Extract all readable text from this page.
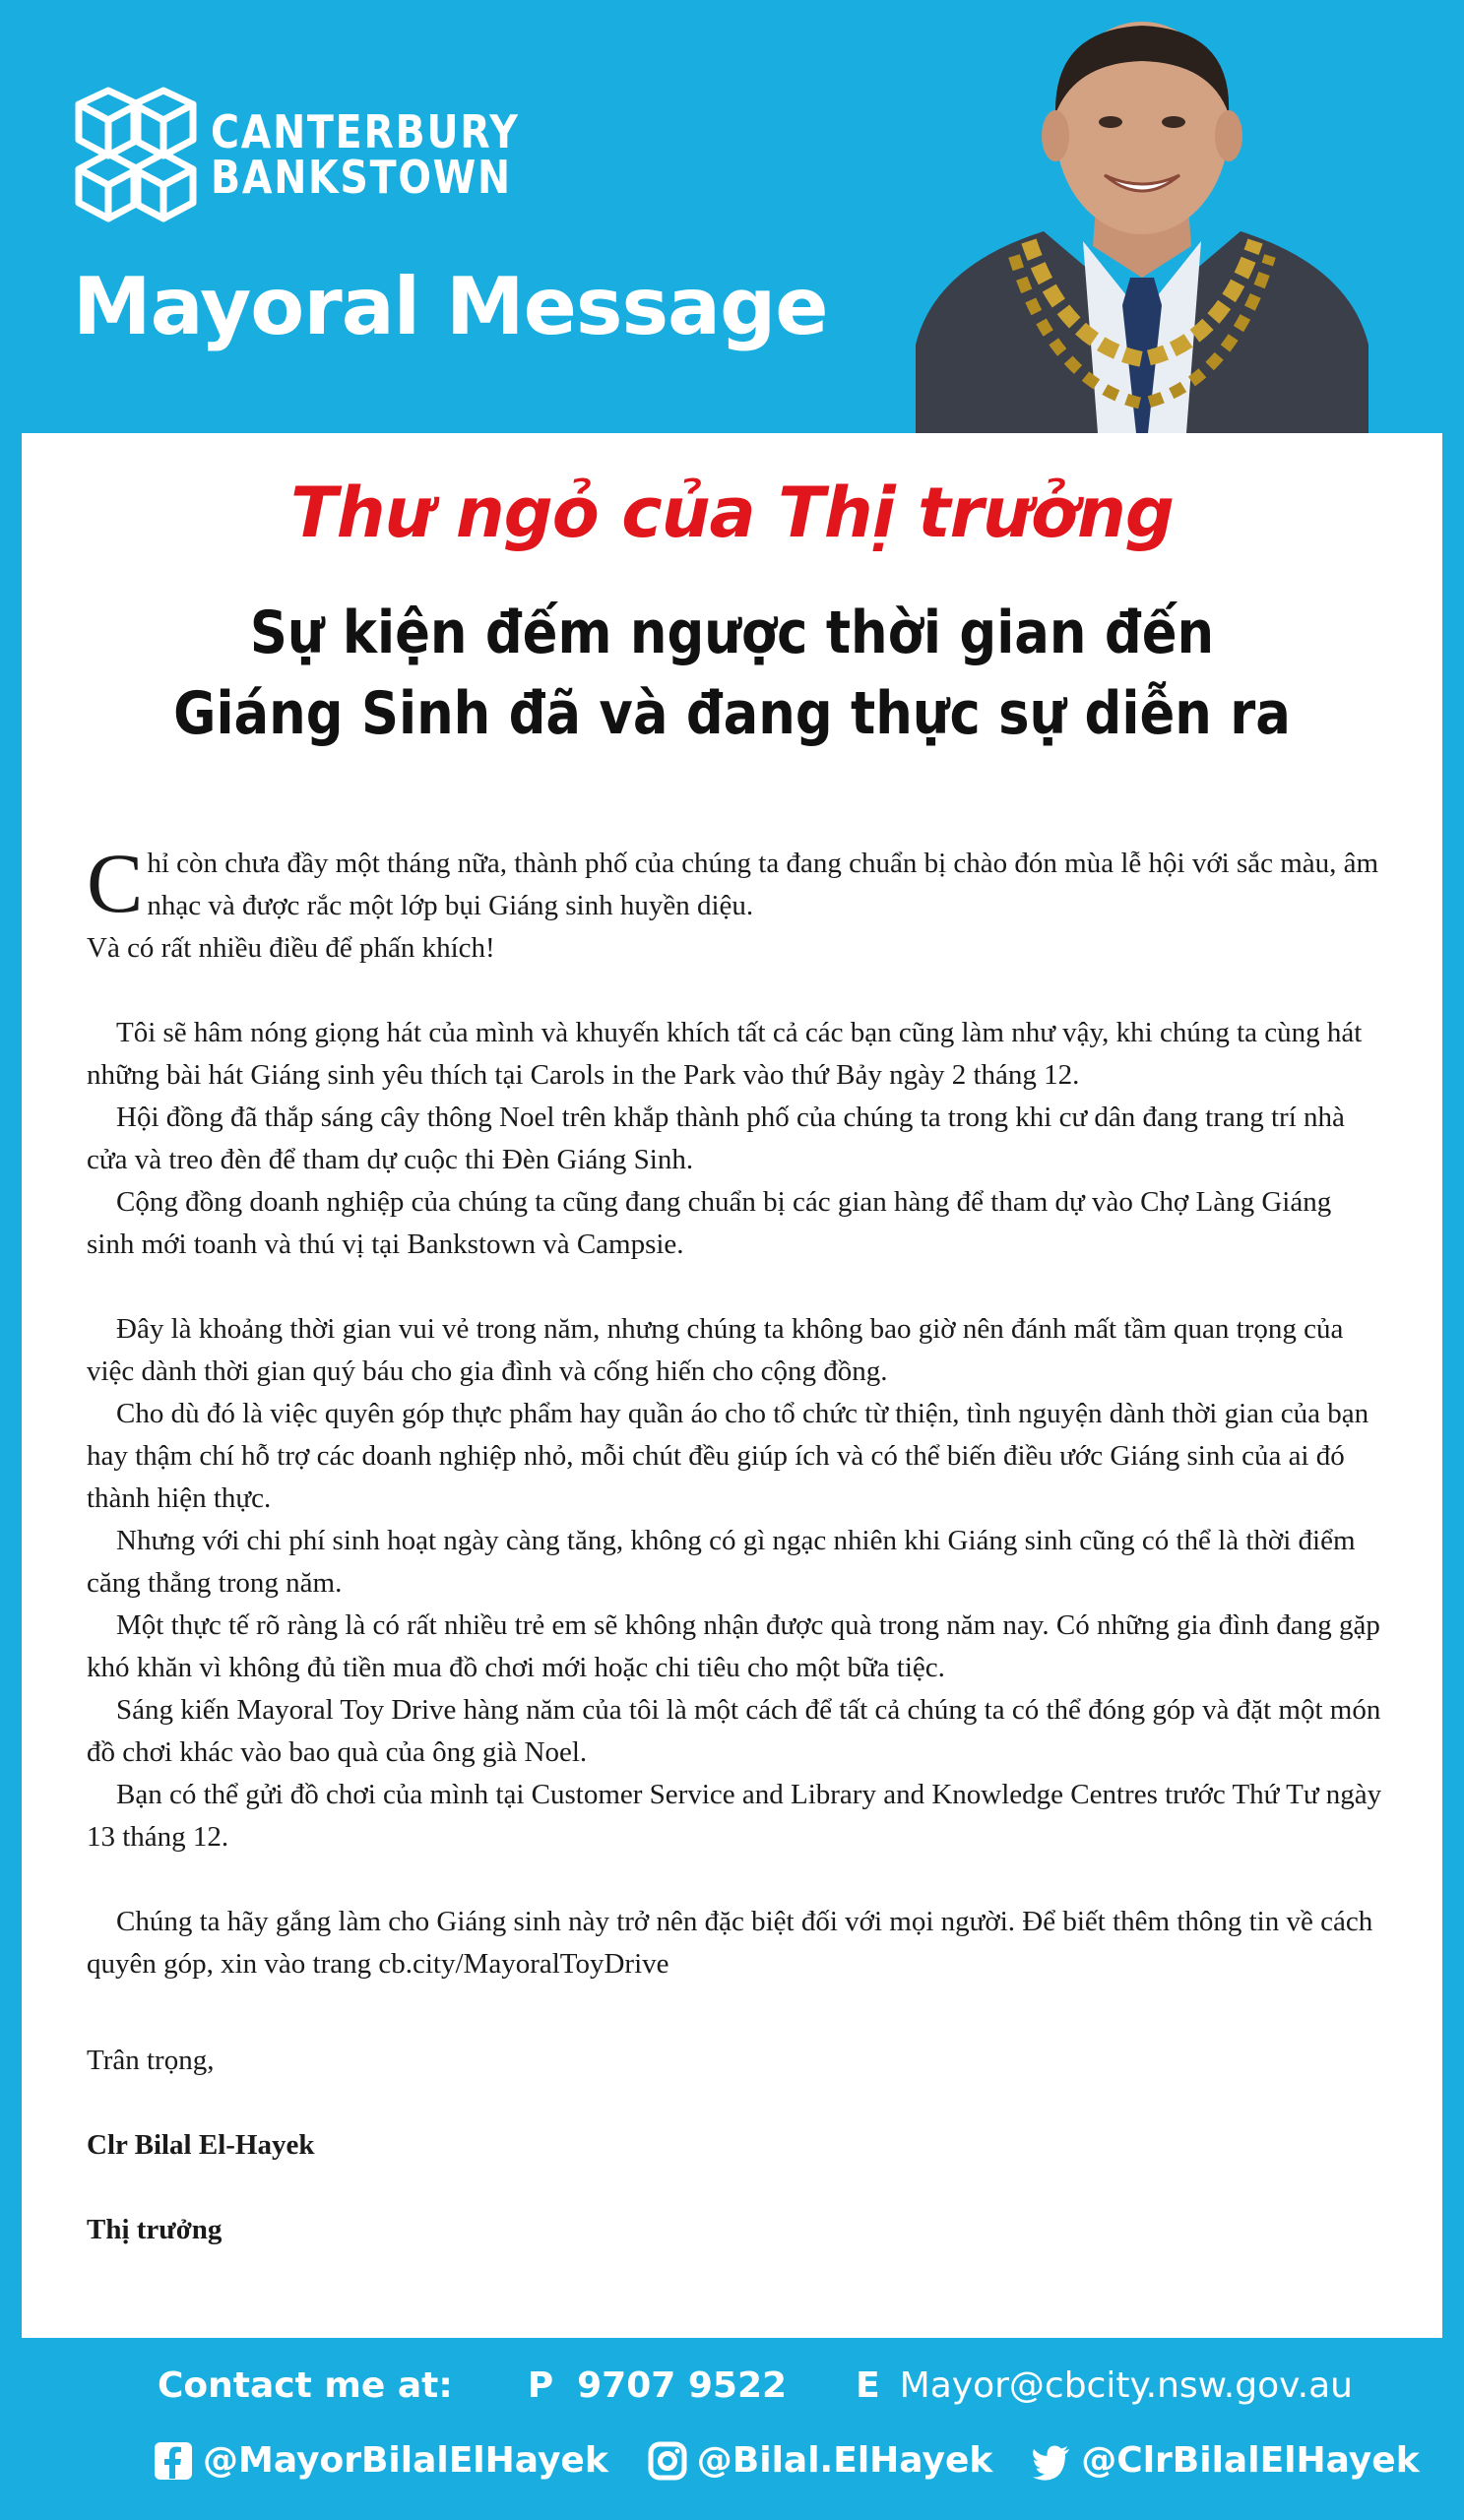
CANTERBURY
BANKSTOWN
Mayoral Message
Thư ngỏ của Thị trưởng
Sự kiện đếm ngược thời gian đến
Giáng Sinh đã và đang thực sự diễn ra

Chỉ còn chưa đầy một tháng nữa, thành phố của chúng ta đang chuẩn bị chào đón mùa lễ hội với sắc màu, âm nhạc và được rắc một lớp bụi Giáng sinh huyền diệu.

Và có rất nhiều điều để phấn khích!

Tôi sẽ hâm nóng giọng hát của mình và khuyến khích tất cả các bạn cũng làm như vậy, khi chúng ta cùng hát những bài hát Giáng sinh yêu thích tại Carols in the Park vào thứ Bảy ngày 2 tháng 12.

Hội đồng đã thắp sáng cây thông Noel trên khắp thành phố của chúng ta trong khi cư dân đang trang trí nhà cửa và treo đèn để tham dự cuộc thi Đèn Giáng Sinh.

Cộng đồng doanh nghiệp của chúng ta cũng đang chuẩn bị các gian hàng để tham dự vào Chợ Làng Giáng sinh mới toanh và thú vị tại Bankstown và Campsie.

Đây là khoảng thời gian vui vẻ trong năm, nhưng chúng ta không bao giờ nên đánh mất tầm quan trọng của việc dành thời gian quý báu cho gia đình và cống hiến cho cộng đồng.

Cho dù đó là việc quyên góp thực phẩm hay quần áo cho tổ chức từ thiện, tình nguyện dành thời gian của bạn hay thậm chí hỗ trợ các doanh nghiệp nhỏ, mỗi chút đều giúp ích và có thể biến điều ước Giáng sinh của ai đó thành hiện thực.

Nhưng với chi phí sinh hoạt ngày càng tăng, không có gì ngạc nhiên khi Giáng sinh cũng có thể là thời điểm căng thẳng trong năm.

Một thực tế rõ ràng là có rất nhiều trẻ em sẽ không nhận được quà trong năm nay. Có những gia đình đang gặp khó khăn vì không đủ tiền mua đồ chơi mới hoặc chi tiêu cho một bữa tiệc.

Sáng kiến Mayoral Toy Drive hàng năm của tôi là một cách để tất cả chúng ta có thể đóng góp và đặt một món đồ chơi khác vào bao quà của ông già Noel.

Bạn có thể gửi đồ chơi của mình tại Customer Service and Library and Knowledge Centres trước Thứ Tư ngày 13 tháng 12.

Chúng ta hãy gắng làm cho Giáng sinh này trở nên đặc biệt đối với mọi người. Để biết thêm thông tin về cách quyên góp, xin vào trang cb.city/MayoralToyDrive

Trân trọng,
Clr Bilal El-Hayek
Thị trưởng
Contact me at: P 9707 9522 E Mayor@cbcity.nsw.gov.au
@MayorBilalElHayek	@Bilal.ElHayek	@ClrBilalElHayek
